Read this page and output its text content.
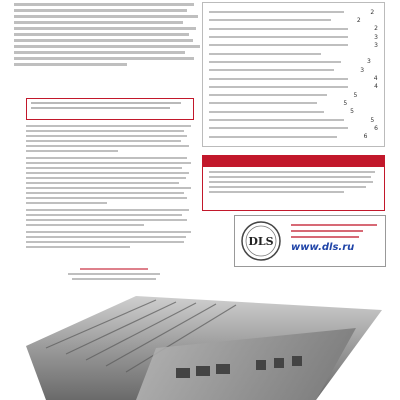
2
2
2
3
3
3
3
4
4
5
5
5
5
6
6
DLS www.dls.ru
